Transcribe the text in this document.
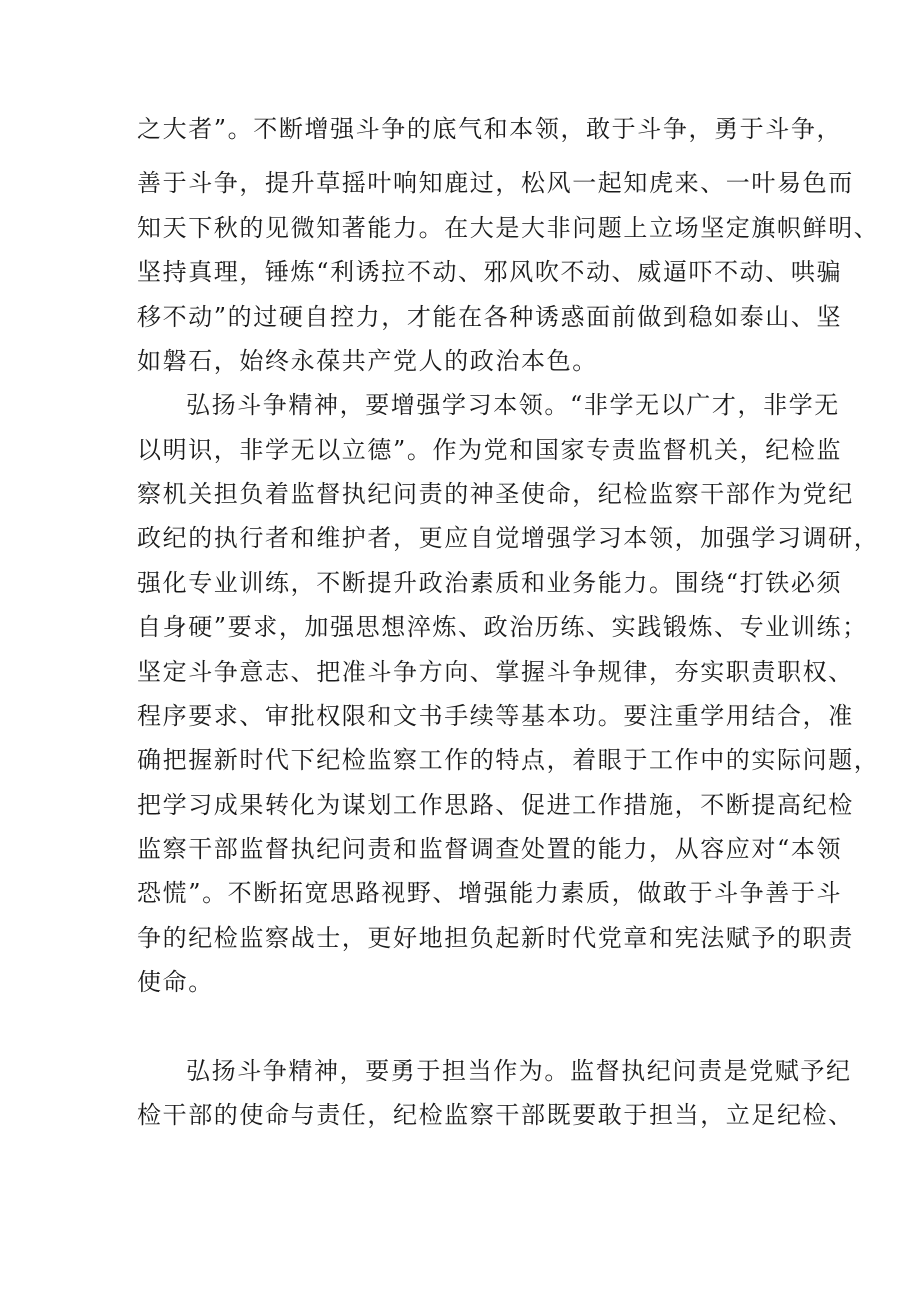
之大者”。不断增强斗争的底气和本领，敢于斗争，勇于斗争，
善于斗争，提升草摇叶响知鹿过，松风一起知虎来、一叶易色而
知天下秋的见微知著能力。在大是大非问题上立场坚定旗帜鲜明、
坚持真理，锤炼“利诱拉不动、邪风吹不动、威逼吓不动、哄骗
移不动”的过硬自控力，才能在各种诱惑面前做到稳如泰山、坚
如磐石，始终永葆共产党人的政治本色。
弘扬斗争精神，要增强学习本领。“非学无以广才，非学无
以明识，非学无以立德”。作为党和国家专责监督机关，纪检监
察机关担负着监督执纪问责的神圣使命，纪检监察干部作为党纪
政纪的执行者和维护者，更应自觉增强学习本领，加强学习调研，
强化专业训练，不断提升政治素质和业务能力。围绕“打铁必须
自身硬”要求，加强思想淬炼、政治历练、实践锻炼、专业训练；
坚定斗争意志、把准斗争方向、掌握斗争规律，夯实职责职权、
程序要求、审批权限和文书手续等基本功。要注重学用结合，准
确把握新时代下纪检监察工作的特点，着眼于工作中的实际问题，
把学习成果转化为谋划工作思路、促进工作措施，不断提高纪检
监察干部监督执纪问责和监督调查处置的能力，从容应对“本领
恐慌”。不断拓宽思路视野、增强能力素质，做敢于斗争善于斗
争的纪检监察战士，更好地担负起新时代党章和宪法赋予的职责
使命。
弘扬斗争精神，要勇于担当作为。监督执纪问责是党赋予纪
检干部的使命与责任，纪检监察干部既要敢于担当，立足纪检、
